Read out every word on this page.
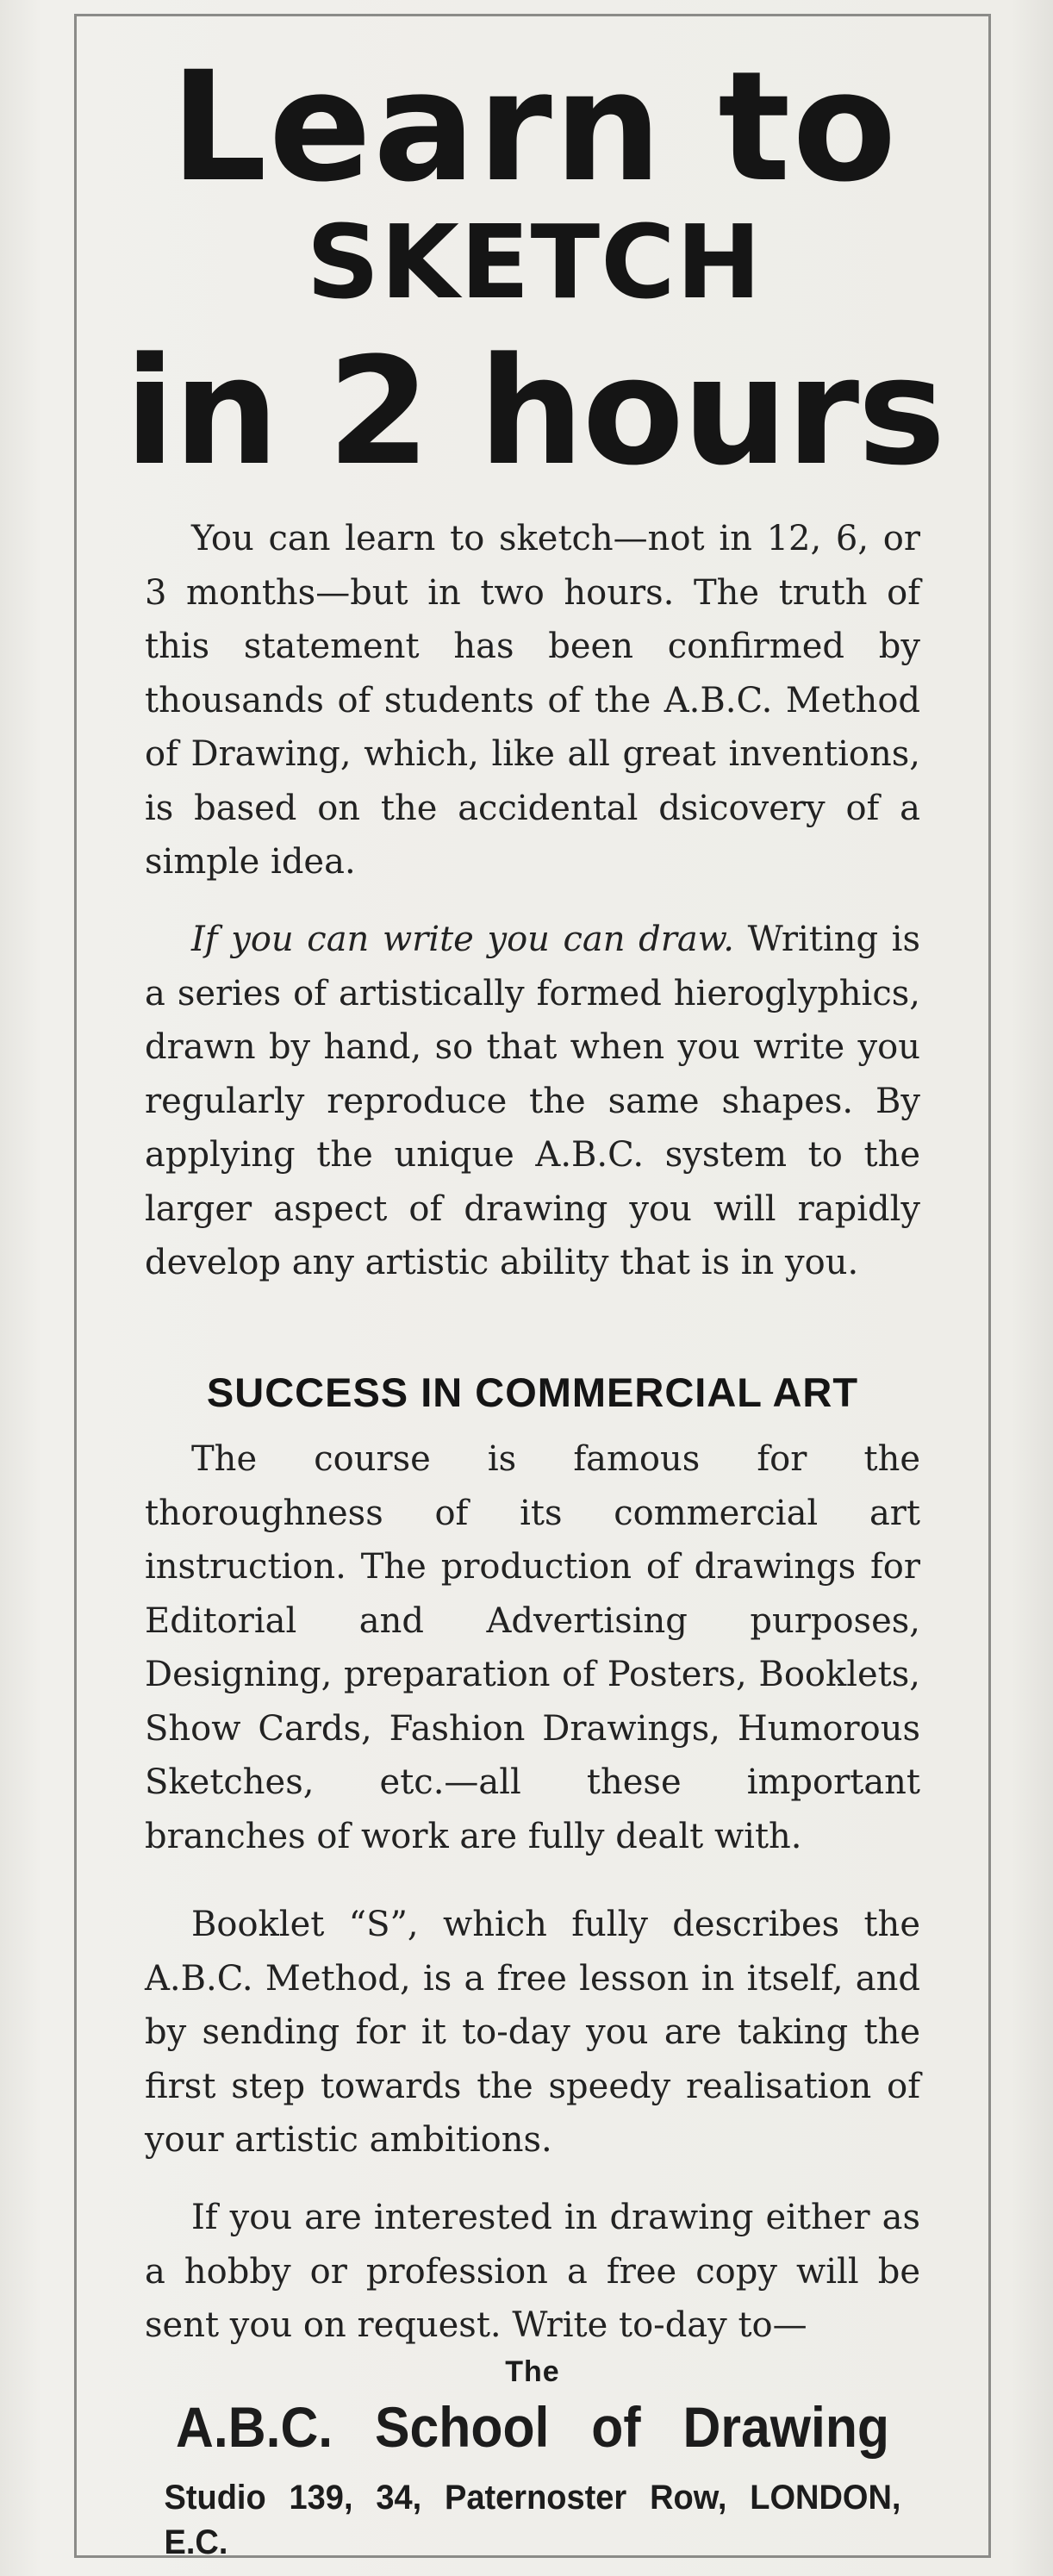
Learn to
SKETCH
in 2 hours

You can learn to sketch—not in 12, 6, or 3 months—but in two hours. The truth of this statement has been confirmed by thousands of students of the A.B.C. Method of Drawing, which, like all great inventions, is based on the accidental dsicovery of a simple idea.

If you can write you can draw. Writing is a series of artistically formed hieroglyphics, drawn by hand, so that when you write you regularly reproduce the same shapes. By applying the unique A.B.C. system to the larger aspect of drawing you will rapidly develop any artistic ability that is in you.

SUCCESS IN COMMERCIAL ART

The course is famous for the thoroughness of its commercial art instruction. The production of drawings for Editorial and Advertising purposes, Designing, preparation of Posters, Booklets, Show Cards, Fashion Drawings, Humorous Sketches, etc.—all these important branches of work are fully dealt with.

Booklet “S”, which fully describes the A.B.C. Method, is a free lesson in itself, and by sending for it to-day you are taking the first step towards the speedy realisation of your artistic ambitions.

If you are interested in drawing either as a hobby or profession a free copy will be sent you on request. Write to-day to—

The
A.B.C. School of Drawing
Studio 139, 34, Paternoster Row, LONDON, E.C.
